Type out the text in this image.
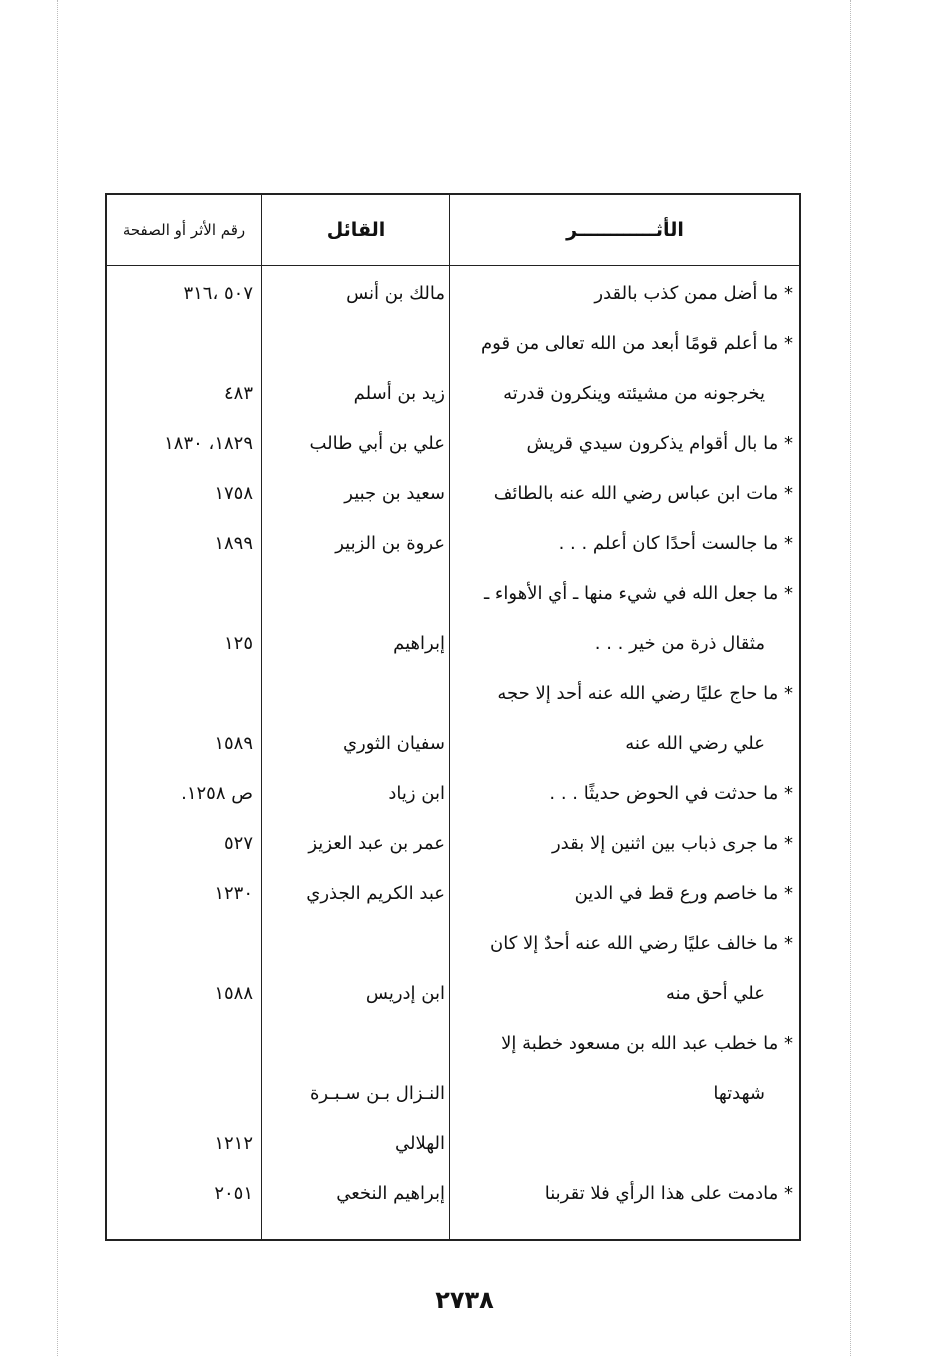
الأثــــــــــــر
القائل
رقم الأثر أو الصفحة
* ما أضل ممن كذب بالقدر
مالك بن أنس
٥٠٧ ،٣١٦
* ما أعلم قومًا أبعد من الله تعالى من قوم
يخرجونه من مشيئته وينكرون قدرته
زيد بن أسلم
٤٨٣
* ما بال أقوام يذكرون سيدي قريش
علي بن أبي طالب
١٨٢٩، ١٨٣٠
* مات ابن عباس رضي الله عنه بالطائف
سعيد بن جبير
١٧٥٨
* ما جالست أحدًا كان أعلم . . .
عروة بن الزبير
١٨٩٩
* ما جعل الله في شيء منها ـ أي الأهواء ـ
مثقال ذرة من خير . . .
إبراهيم
١٢٥
* ما حاج عليًا رضي الله عنه أحد إلا حجه
علي رضي الله عنه
سفيان الثوري
١٥٨٩
* ما حدثت في الحوض حديثًا . . .
ابن زياد
ص ١٢٥٨.
* ما جرى ذباب بين اثنين إلا بقدر
عمر بن عبد العزيز
٥٢٧
* ما خاصم ورع قط في الدين
عبد الكريم الجذري
١٢٣٠
* ما خالف عليًا رضي الله عنه أحدٌ إلا كان
علي أحق منه
ابن إدريس
١٥٨٨
* ما خطب عبد الله بن مسعود خطبة إلا
شهدتها
النـزال بـن سـبـرة
الهلالي
١٢١٢
* مادمت على هذا الرأي فلا تقربنا
إبراهيم النخعي
٢٠٥١
٢٧٣٨
